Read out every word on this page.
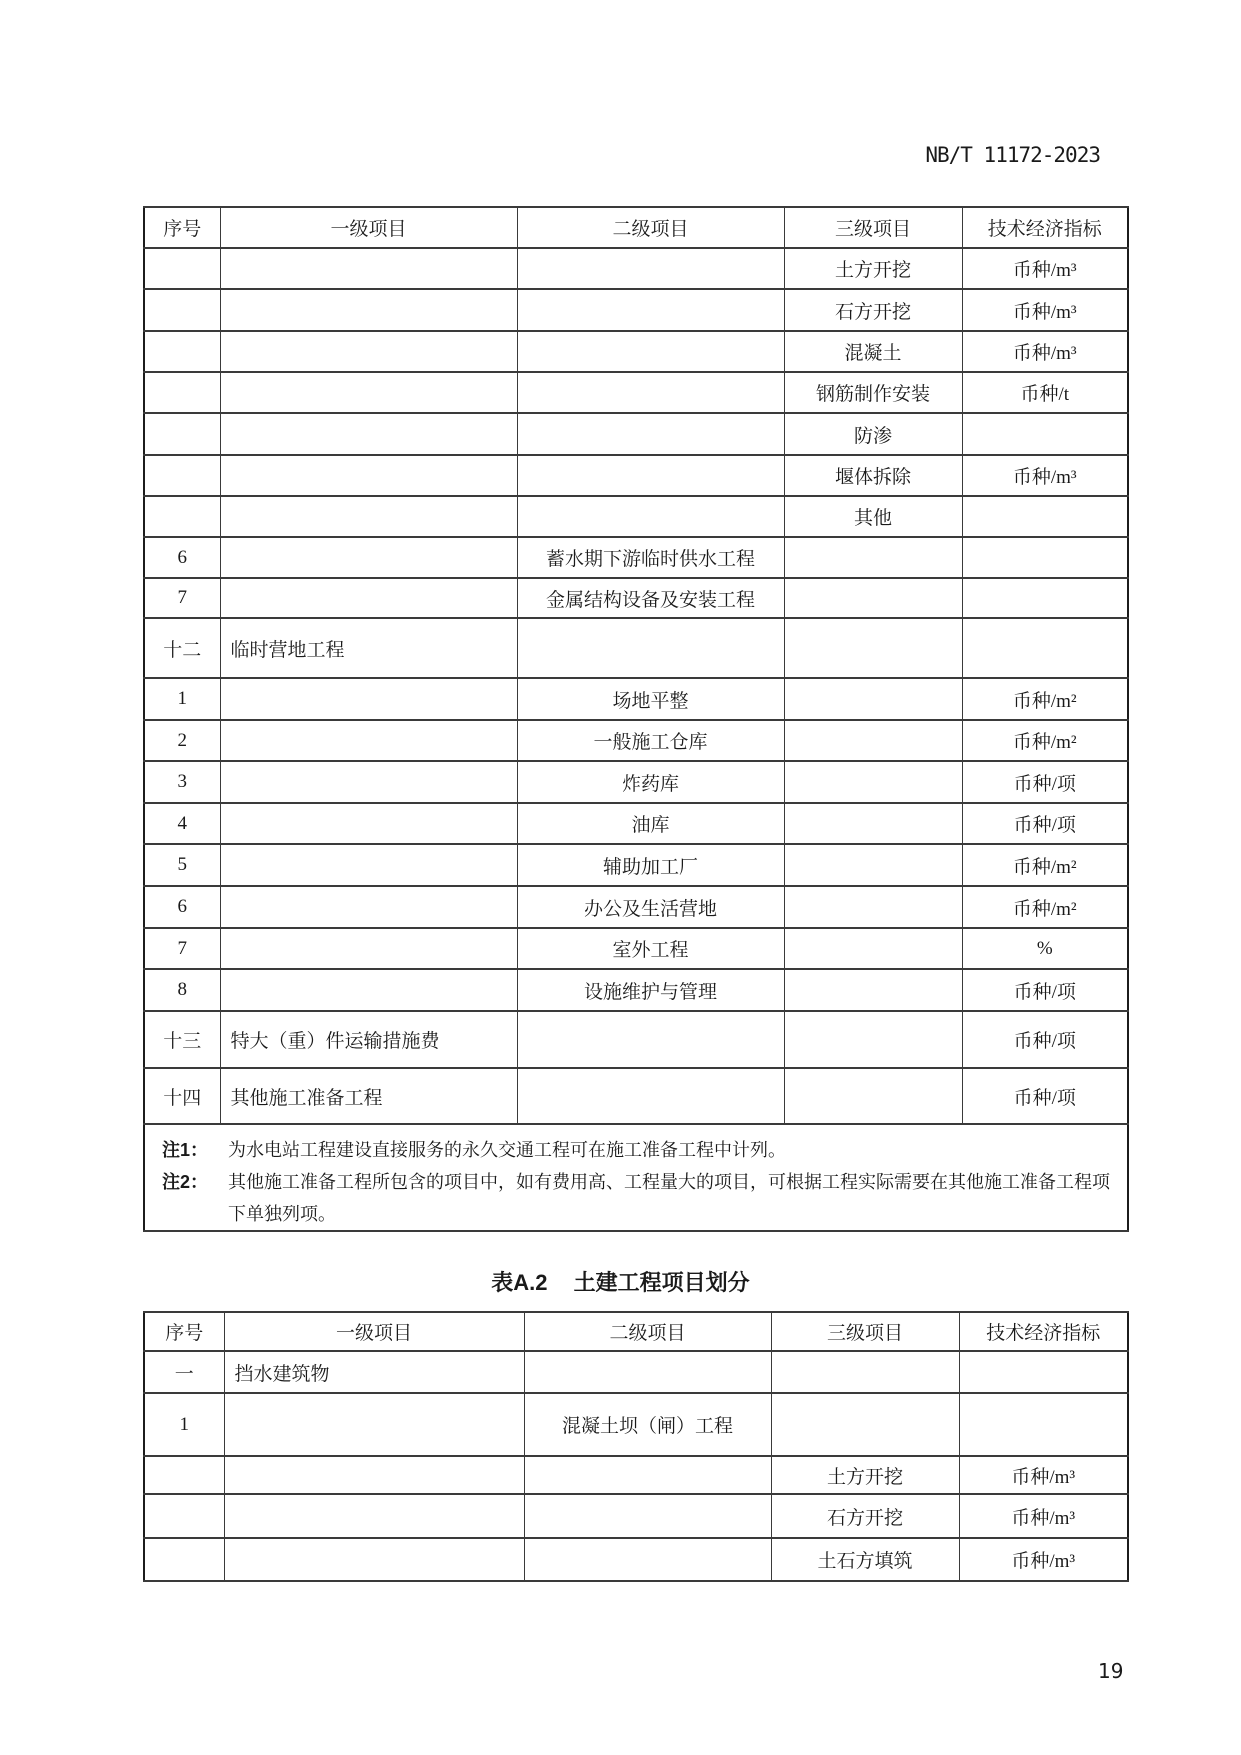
NB/T 11172-2023
序号	一级项目	二级项目	三级项目	技术经济指标
			土方开挖	币种/m³
			石方开挖	币种/m³
			混凝土	币种/m³
			钢筋制作安装	币种/t
			防渗	
			堰体拆除	币种/m³
			其他	
6		蓄水期下游临时供水工程		
7		金属结构设备及安装工程		
十二	临时营地工程			
1		场地平整		币种/m²
2		一般施工仓库		币种/m²
3		炸药库		币种/项
4		油库		币种/项
5		辅助加工厂		币种/m²
6		办公及生活营地		币种/m²
7		室外工程		%
8		设施维护与管理		币种/项
十三	特大（重）件运输措施费			币种/项
十四	其他施工准备工程			币种/项

注1： 为水电站工程建设直接服务的永久交通工程可在施工准备工程中计列。
注2： 其他施工准备工程所包含的项目中，如有费用高、工程量大的项目，可根据工程实际需要在其他施工准备工程项下单独列项。				
表A.2 土建工程项目划分
序号	一级项目	二级项目	三级项目	技术经济指标
一	挡水建筑物			
1		混凝土坝（闸）工程		
			土方开挖	币种/m³
			石方开挖	币种/m³
			土石方填筑	币种/m³
19
